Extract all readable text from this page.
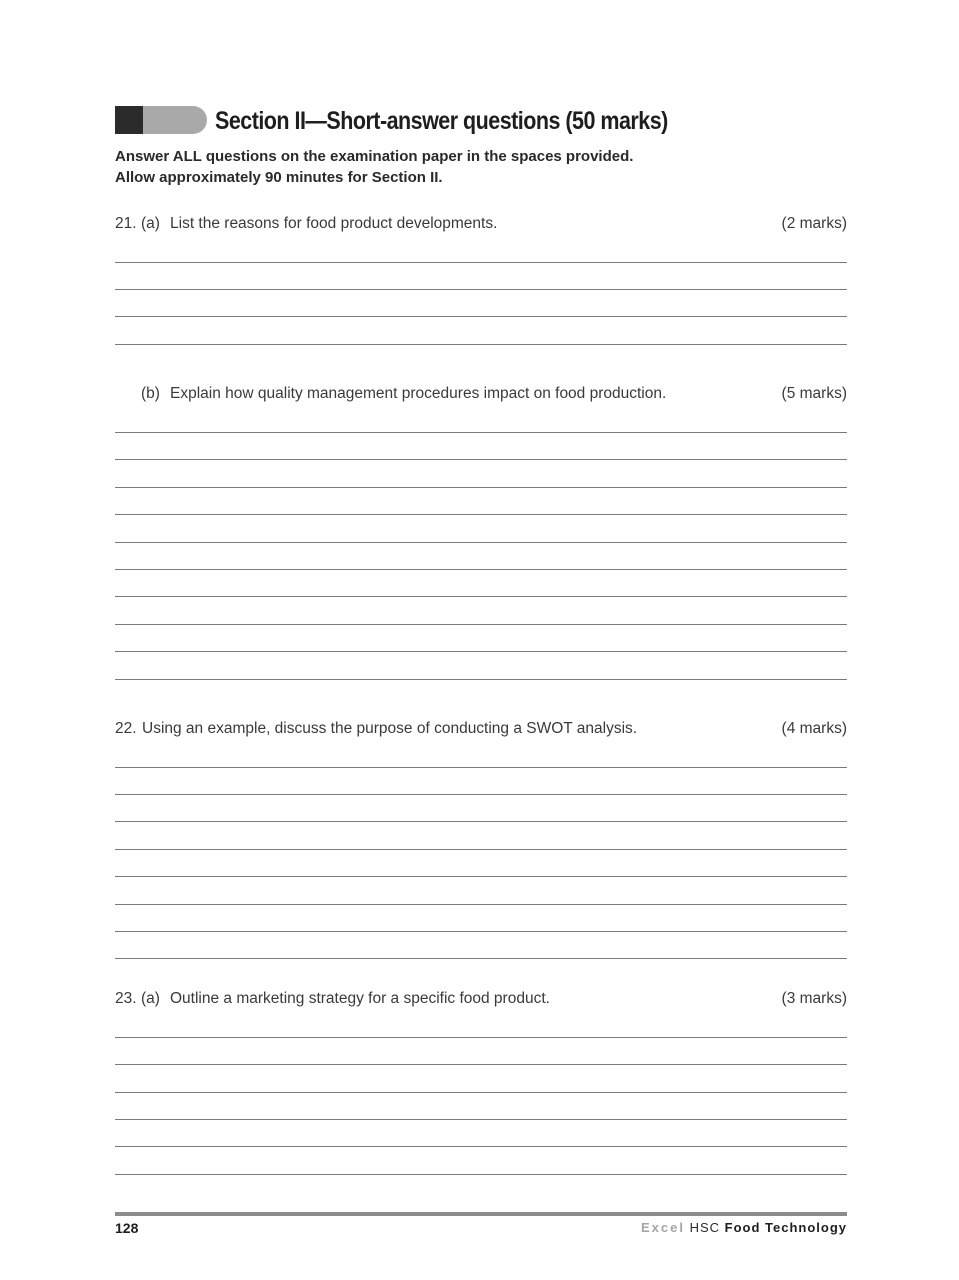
Section II—Short-answer questions (50 marks)
Answer ALL questions on the examination paper in the spaces provided.
Allow approximately 90 minutes for Section II.
21. (a) List the reasons for food product developments.	(2 marks)
(b) Explain how quality management procedures impact on food production.	(5 marks)
22. Using an example, discuss the purpose of conducting a SWOT analysis.	(4 marks)
23. (a) Outline a marketing strategy for a specific food product.	(3 marks)
128	Excel HSC Food Technology
